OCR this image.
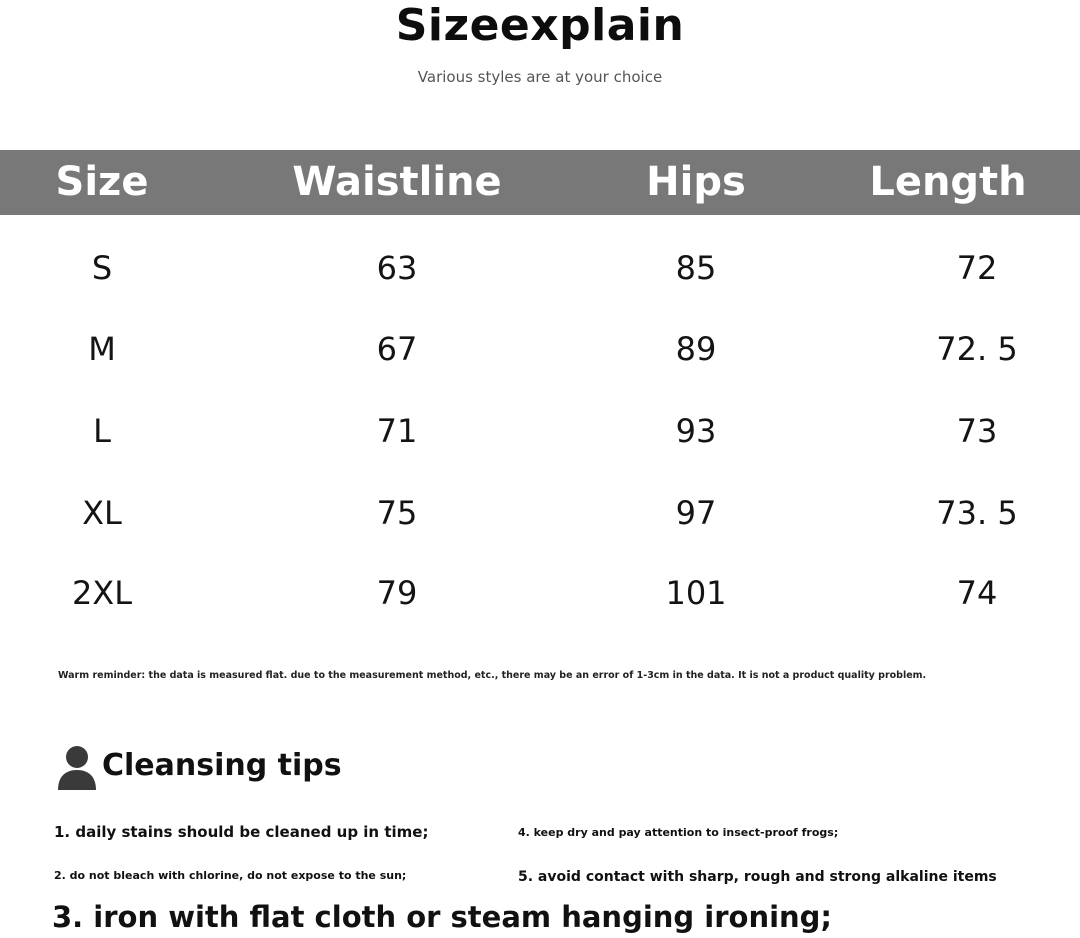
Sizeexplain
Various styles are at your choice
Size	Waistline	Hips	Length
S	63	85	72
M	67	89	72. 5
L	71	93	73
XL	75	97	73. 5
2XL	79	101	74
Warm reminder: the data is measured flat. due to the measurement method, etc., there may be an error of 1-3cm in the data. It is not a product quality problem.
Cleansing tips
1. daily stains should be cleaned up in time;	4. keep dry and pay attention to insect-proof frogs;
2. do not bleach with chlorine, do not expose to the sun;	5. avoid contact with sharp, rough and strong alkaline items
3. iron with flat cloth or steam hanging ironing;
